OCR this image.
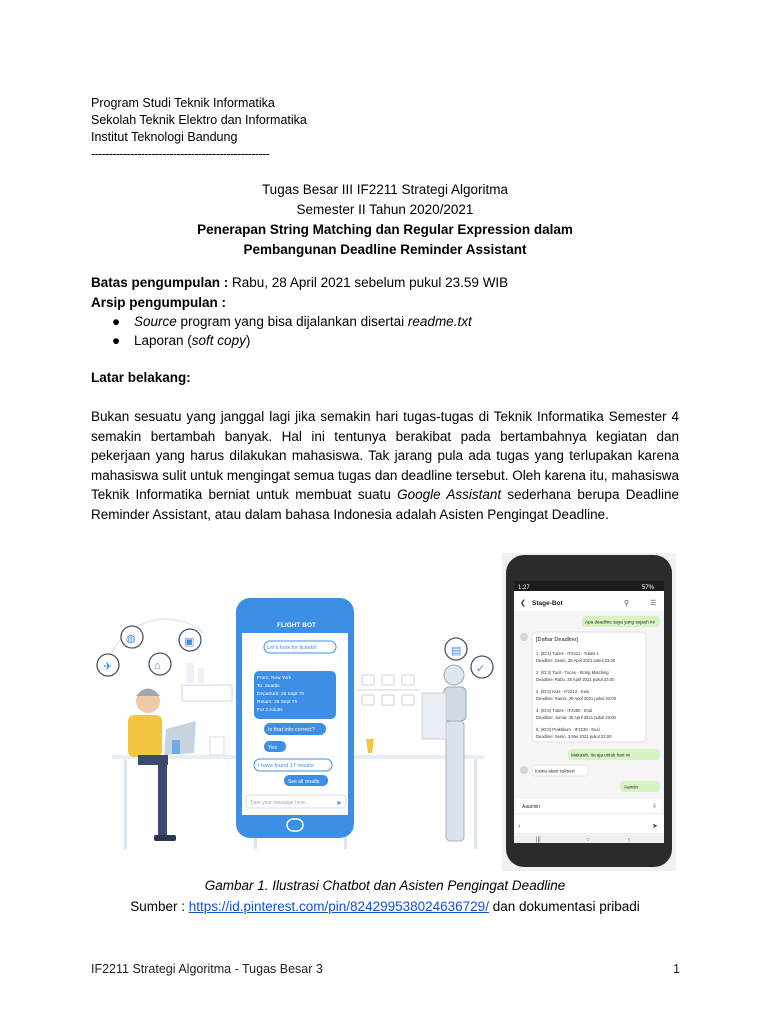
Program Studi Teknik Informatika
Sekolah Teknik Elektro dan Informatika
Institut Teknologi Bandung
--------------------------------------------------
Tugas Besar III IF2211 Strategi Algoritma
Semester II Tahun 2020/2021
Penerapan String Matching dan Regular Expression dalam
Pembangunan Deadline Reminder Assistant
Batas pengumpulan : Rabu, 28 April 2021 sebelum pukul 23.59 WIB
Arsip pengumpulan :
● Source program yang bisa dijalankan disertai readme.txt
● Laporan (soft copy)
Latar belakang:
Bukan sesuatu yang janggal lagi jika semakin hari tugas-tugas di Teknik Informatika Semester 4 semakin bertambah banyak. Hal ini tentunya berakibat pada bertambahnya kegiatan dan pekerjaan yang harus dilakukan mahasiswa. Tak jarang pula ada tugas yang terlupakan karena mahasiswa sulit untuk mengingat semua tugas dan deadline tersebut. Oleh karena itu, mahasiswa Teknik Informatika berniat untuk membuat suatu Google Assistant sederhana berupa Deadline Reminder Assistant, atau dalam bahasa Indonesia adalah Asisten Pengingat Deadline.
✈
◍
⌂
▣
▤
✓
FLIGHT BOT
Let's look for tickets!
From: New York
To: Seattle
Departure: 26 Sept 7h
Return: 28 Sept 7h
For 2 Adults
Is that info correct?
Yes
I have found 17 results
See all results
Type your message here...	➤
1:27	57%
❮ Stage-Bot	⚲	☰
Apa deadline saya yang sejauh ini
[Daftar Deadline]
1. (ID:1) Tubes - IF2211 - Tubes 1
Deadline: Senin, 26 April 2021 pukul 23.00
2. (ID:3) Tucil - Tucas - String Matching
Deadline: Rabu, 28 April 2021 pukul 23.00
3. (ID:5) Kuis - IF2212 - Kuis
Deadline: Kamis, 29 April 2021 pukul 23.00
4. (ID:6) Tubes - IF2250 - Eval
Deadline: Jumat, 30 April 2021 pukul 23.00
5. (ID:8) Praktikum - IF2230 - Eval
Deadline: Senin, 3 Mei 2021 pukul 23.00
Makasih, itu aja untuk hari ini
Kamu akan sukses!
Aamiin
Aaamiin	⇩
›	➤
|||	○	‹
Gambar 1. Ilustrasi Chatbot dan Asisten Pengingat Deadline
Sumber : https://id.pinterest.com/pin/824299538024636729/ dan dokumentasi pribadi
IF2211 Strategi Algoritma - Tugas Besar 3	1
